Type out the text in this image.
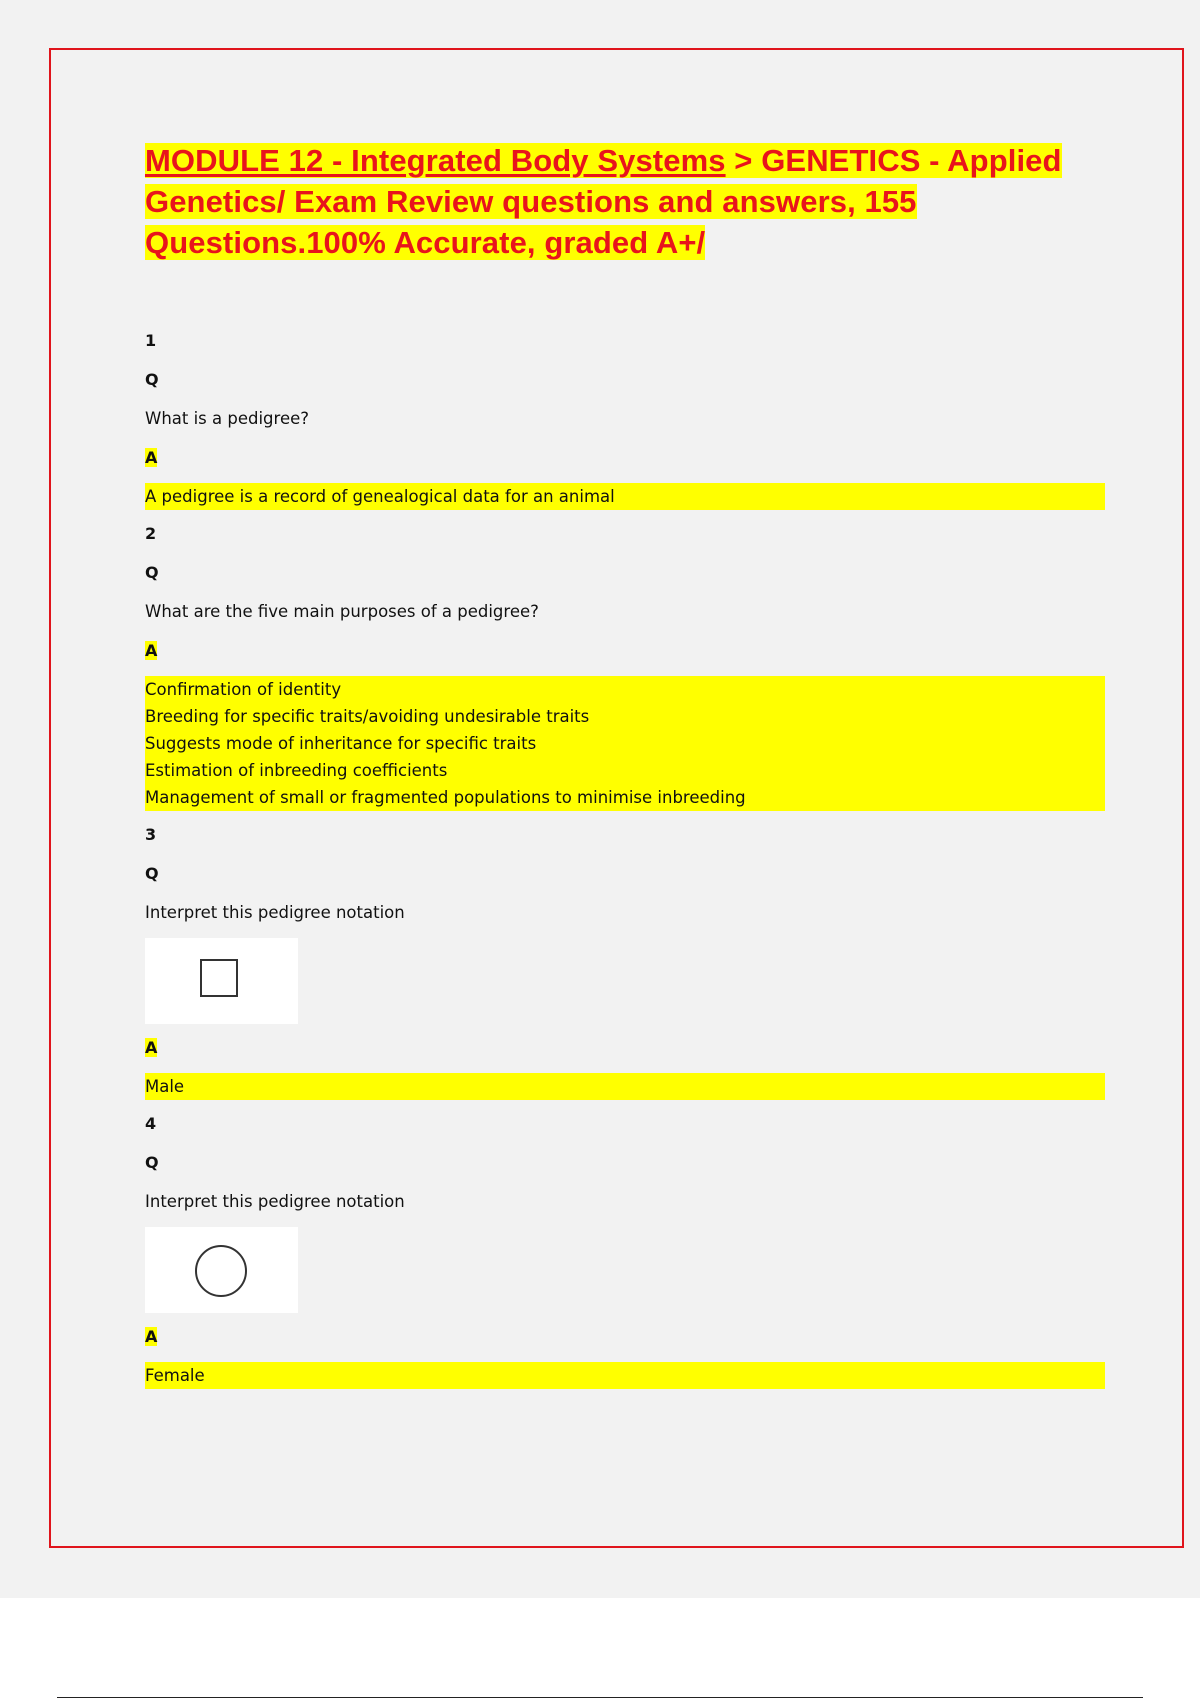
MODULE 12 - Integrated Body Systems > GENETICS - Applied Genetics/ Exam Review questions and answers, 155 Questions.100% Accurate, graded A+/
1
Q
What is a pedigree?
A
A pedigree is a record of genealogical data for an animal
2
Q
What are the five main purposes of a pedigree?
A
Confirmation of identity
Breeding for specific traits/avoiding undesirable traits
Suggests mode of inheritance for specific traits
Estimation of inbreeding coefficients
Management of small or fragmented populations to minimise inbreeding
3
Q
Interpret this pedigree notation
A
Male
4
Q
Interpret this pedigree notation
A
Female
